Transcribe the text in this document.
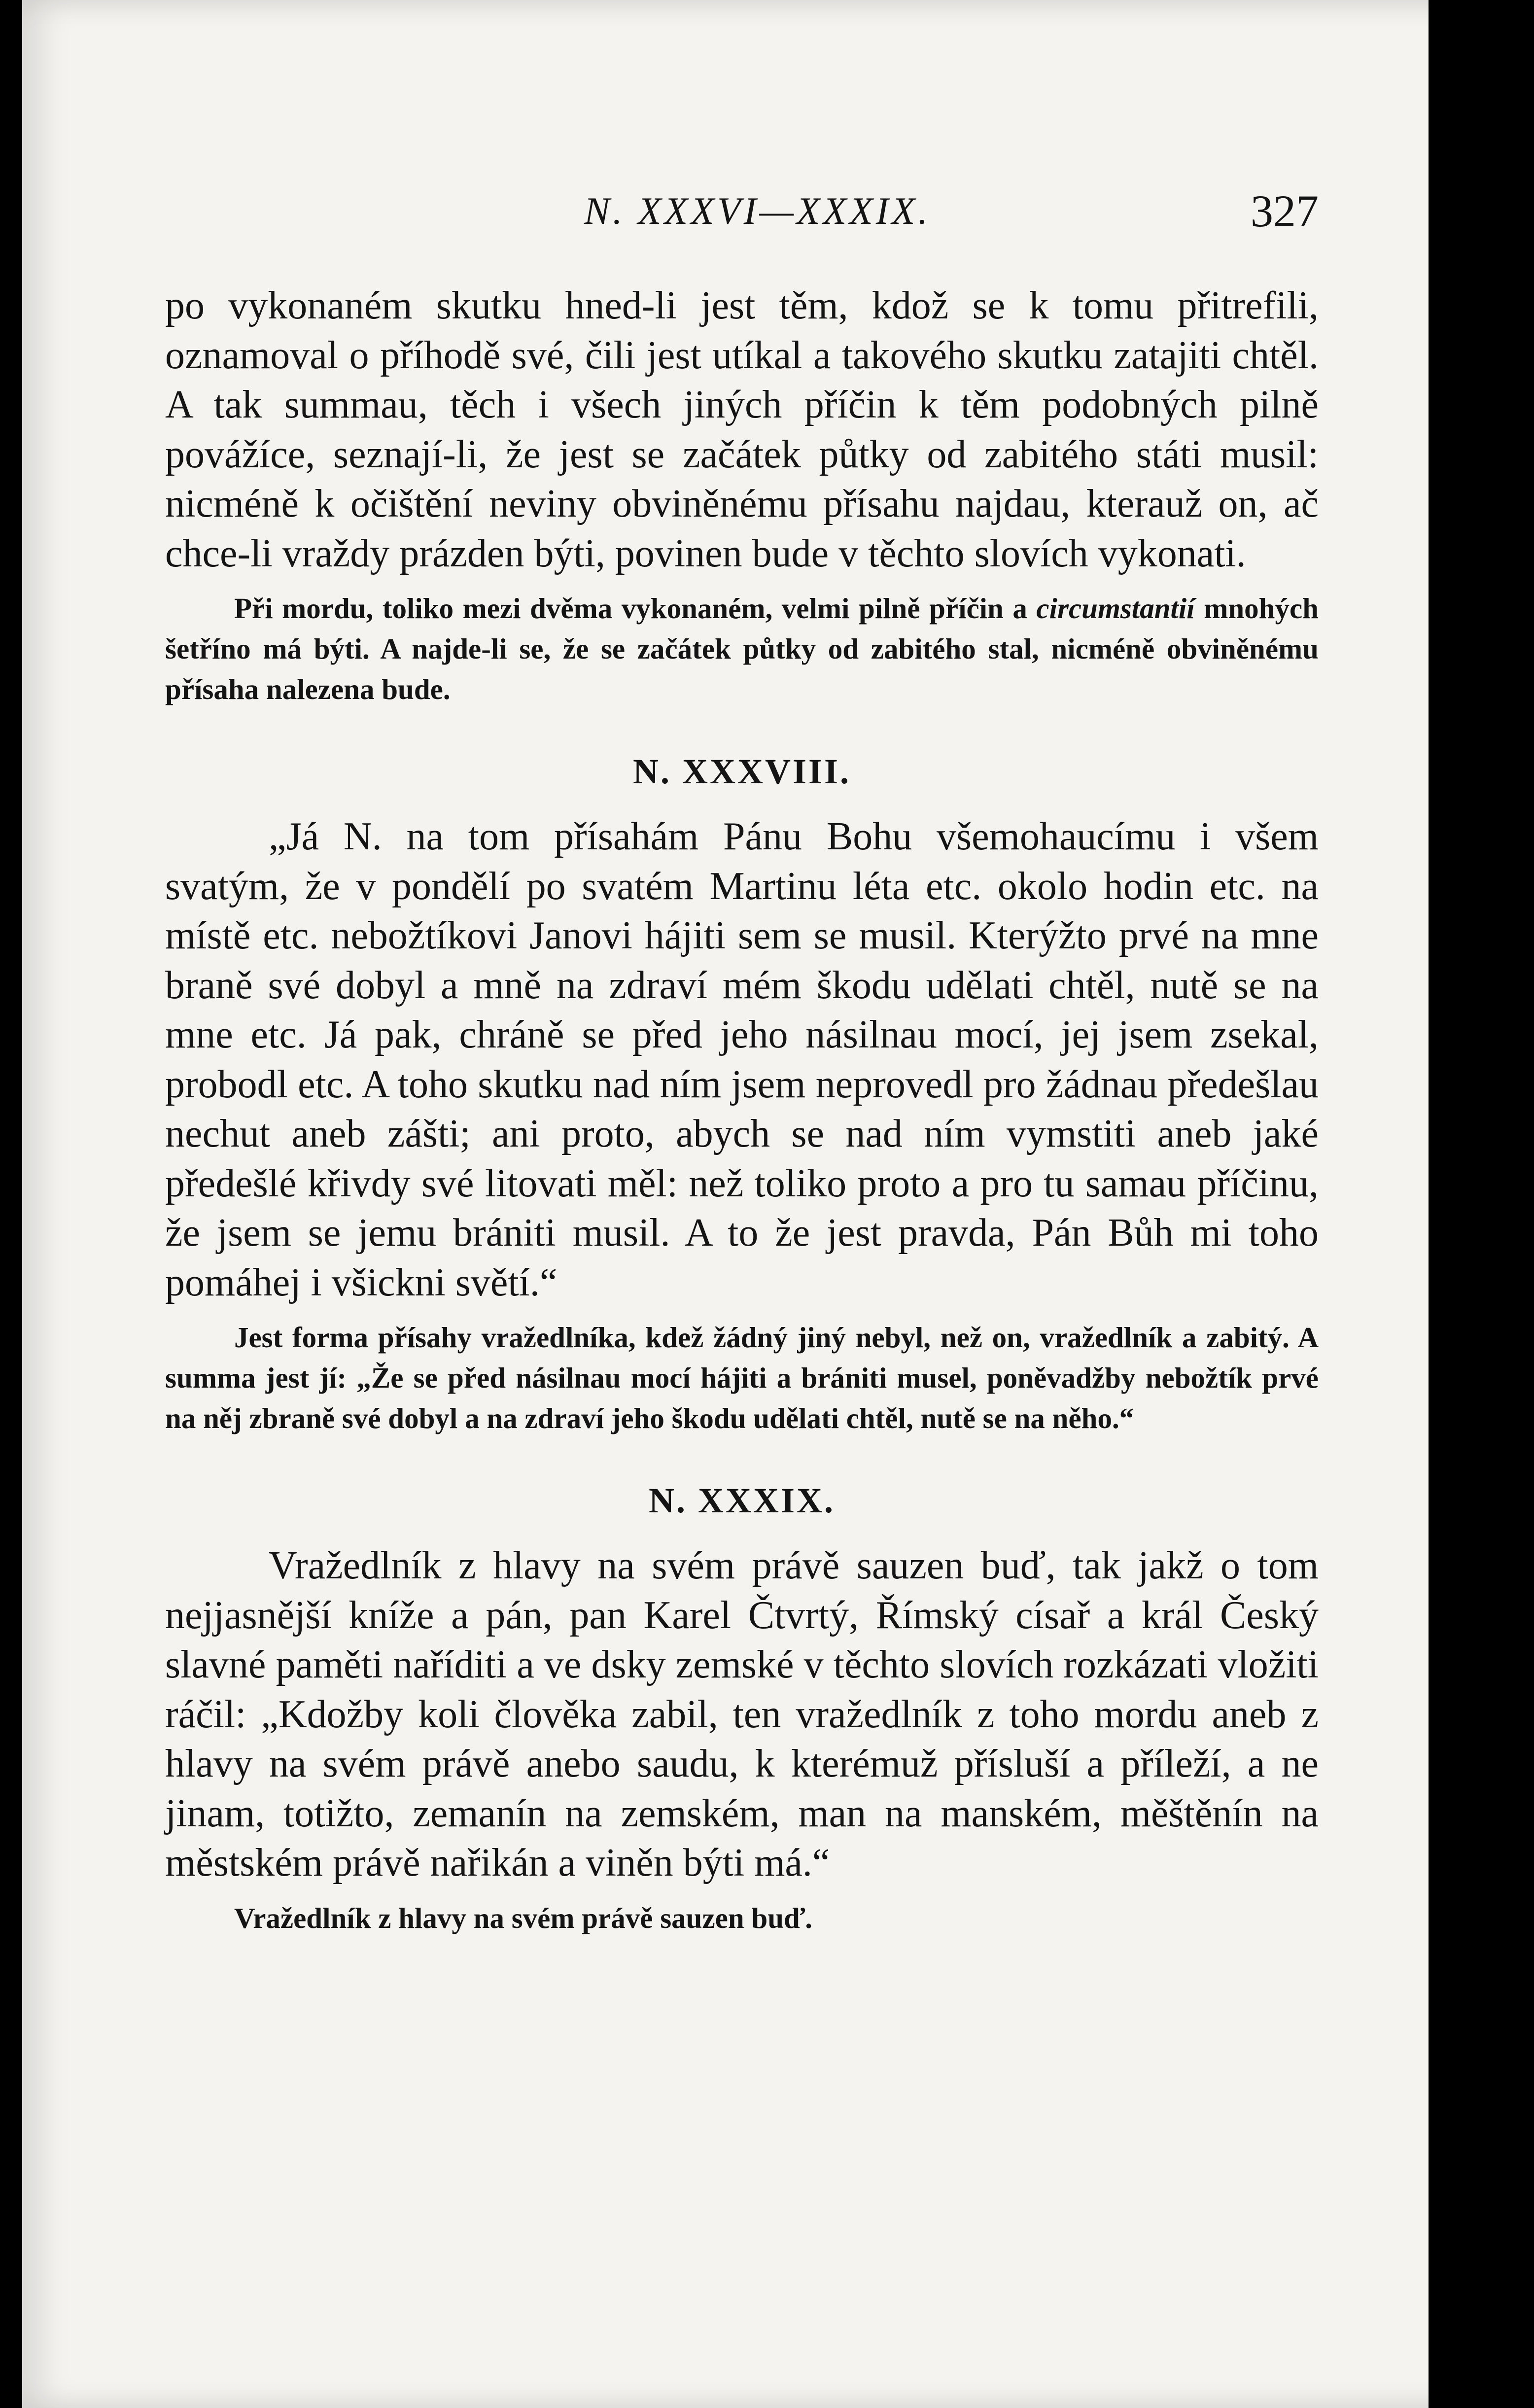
N. XXXVI—XXXIX.	327

po vykonaném skutku hned-li jest těm, kdož se k tomu přitrefili, oznamoval o příhodě své, čili jest utíkal a takového skutku zatajiti chtěl. A tak summau, těch i všech jiných příčin k těm podobných pilně povážíce, seznají-li, že jest se začátek půtky od zabitého státi musil: nicméně k očištění neviny obviněnému přísahu najdau, kterauž on, ač chce-li vraždy prázden býti, povinen bude v těchto slovích vykonati.

Při mordu, toliko mezi dvěma vykonaném, velmi pilně příčin a circumstantií mnohých šetříno má býti. A najde-li se, že se začátek půtky od zabitého stal, nicméně obviněnému přísaha nalezena bude.

N. XXXVIII.

„Já N. na tom přísahám Pánu Bohu všemohaucímu i všem svatým, že v pondělí po svatém Martinu léta etc. okolo hodin etc. na místě etc. nebožtíkovi Janovi hájiti sem se musil. Kterýžto prvé na mne braně své dobyl a mně na zdraví mém škodu udělati chtěl, nutě se na mne etc. Já pak, chráně se před jeho násilnau mocí, jej jsem zsekal, probodl etc. A toho skutku nad ním jsem neprovedl pro žádnau předešlau nechut aneb zášti; ani proto, abych se nad ním vymstiti aneb jaké předešlé křivdy své litovati měl: než toliko proto a pro tu samau příčinu, že jsem se jemu brániti musil. A to že jest pravda, Pán Bůh mi toho pomáhej i všickni světí.“

Jest forma přísahy vražedlníka, kdež žádný jiný nebyl, než on, vražedlník a zabitý. A summa jest jí: „Že se před násilnau mocí hájiti a brániti musel, poněvadžby nebožtík prvé na něj zbraně své dobyl a na zdraví jeho škodu udělati chtěl, nutě se na něho.“

N. XXXIX.

Vražedlník z hlavy na svém právě sauzen buď, tak jakž o tom nejjasnější kníže a pán, pan Karel Čtvrtý, Římský císař a král Český slavné paměti naříditi a ve dsky zemské v těchto slovích rozkázati vložiti ráčil: „Kdožby koli člověka zabil, ten vražedlník z toho mordu aneb z hlavy na svém právě anebo saudu, k kterémuž přísluší a příleží, a ne jinam, totižto, zemanín na zemském, man na manském, měštěnín na městském právě nařikán a viněn býti má.“

Vražedlník z hlavy na svém právě sauzen buď.
